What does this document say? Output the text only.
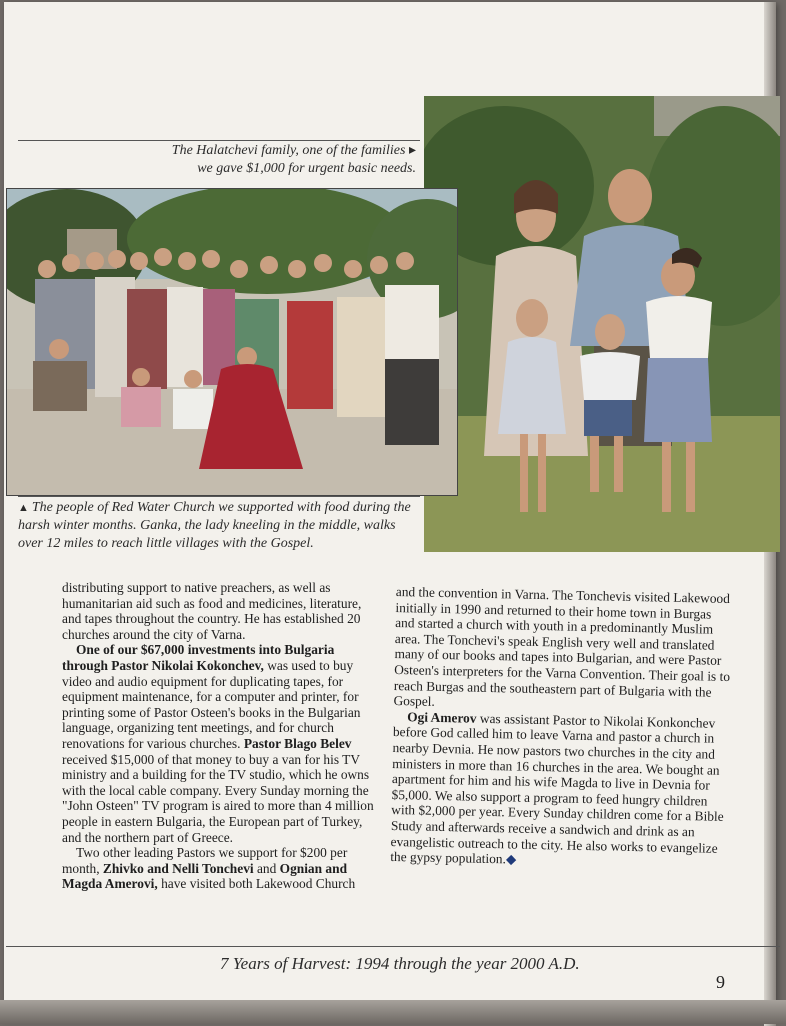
The Halatchevi family, one of the families ▸
we gave $1,000 for urgent basic needs.
▲ The people of Red Water Church we supported with food during the harsh winter months. Ganka, the lady kneeling in the middle, walks over 12 miles to reach little villages with the Gospel.

distributing support to native preachers, as well as humanitarian aid such as food and medicines, literature, and tapes throughout the country. He has established 20 churches around the city of Varna.

One of our $67,000 investments into Bulgaria through Pastor Nikolai Kokonchev, was used to buy video and audio equipment for duplicating tapes, for equipment maintenance, for a computer and printer, for printing some of Pastor Osteen's books in the Bulgarian language, organizing tent meetings, and for church renovations for various churches. Pastor Blago Belev received $15,000 of that money to buy a van for his TV ministry and a building for the TV studio, which he owns with the local cable company. Every Sunday morning the "John Osteen" TV program is aired to more than 4 million people in eastern Bulgaria, the European part of Turkey, and the northern part of Greece.

Two other leading Pastors we support for $200 per month, Zhivko and Nelli Tonchevi and Ognian and Magda Amerovi, have visited both Lakewood Church

and the convention in Varna. The Tonchevis visited Lakewood initially in 1990 and returned to their home town in Burgas and started a church with youth in a predominantly Muslim area. The Tonchevi's speak English very well and translated many of our books and tapes into Bulgarian, and were Pastor Osteen's interpreters for the Varna Convention. Their goal is to reach Burgas and the southeastern part of Bulgaria with the Gospel.

Ogi Amerov was assistant Pastor to Nikolai Konkonchev before God called him to leave Varna and pastor a church in nearby Devnia. He now pastors two churches in the city and ministers in more than 16 churches in the area. We bought an apartment for him and his wife Magda to live in Devnia for $5,000. We also support a program to feed hungry children with $2,000 per year. Every Sunday children come for a Bible Study and afterwards receive a sandwich and drink as an evangelistic outreach to the city. He also works to evangelize the gypsy population.◆

7 Years of Harvest: 1994 through the year 2000 A.D.
9
